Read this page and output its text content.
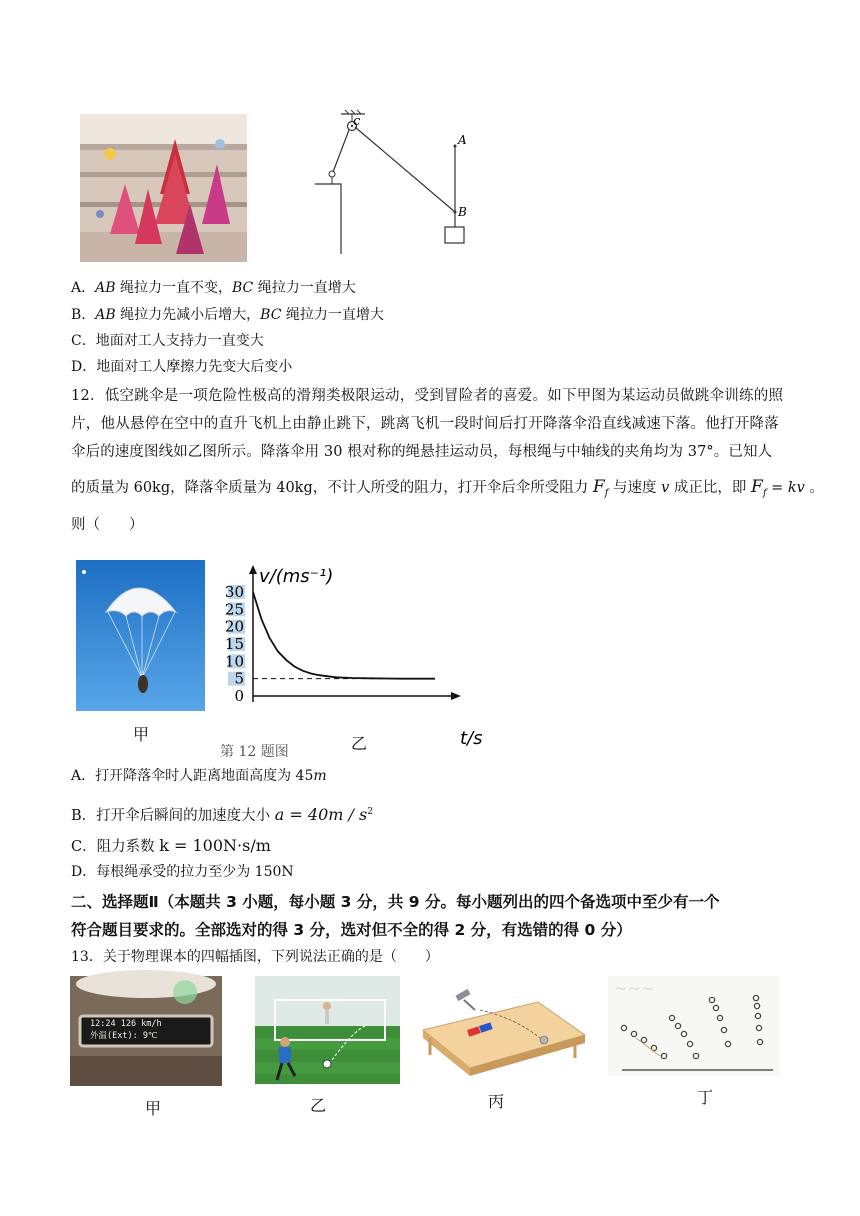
c
A
B
A．AB 绳拉力一直不变，BC 绳拉力一直增大
B．AB 绳拉力先减小后增大，BC 绳拉力一直增大
C．地面对工人支持力一直变大
D．地面对工人摩擦力先变大后变小
12．低空跳伞是一项危险性极高的滑翔类极限运动，受到冒险者的喜爱。如下甲图为某运动员做跳伞训练的照
片，他从悬停在空中的直升飞机上由静止跳下，跳离飞机一段时间后打开降落伞沿直线减速下落。他打开降落
伞后的速度图线如乙图所示。降落伞用 30 根对称的绳悬挂运动员，每根绳与中轴线的夹角均为 37°。已知人
的质量为 60kg，降落伞质量为 40kg，不计人所受的阻力，打开伞后伞所受阻力 $F_f$ 与速度 v 成正比，即 $F_f$ = kv 。
则（　　）
0
5
10
15
20
25
30
v/(ms⁻¹)
t/s
甲	乙
第 12 题图
A．打开降落伞时人距离地面高度为 45m
B．打开伞后瞬间的加速度大小 $a = 40m / s^2$
C．阻力系数 k = 100N·s/m
D．每根绳承受的拉力至少为 150N
二、选择题Ⅱ（本题共 3 小题，每小题 3 分，共 9 分。每小题列出的四个备选项中至少有一个
符合题目要求的。全部选对的得 3 分，选对但不全的得 2 分，有选错的得 0 分）
13．关于物理课本的四幅插图，下列说法正确的是（　　）
12:24 126 km/h
外温(Ext): 9℃
~~~
甲	乙	丙	丁
